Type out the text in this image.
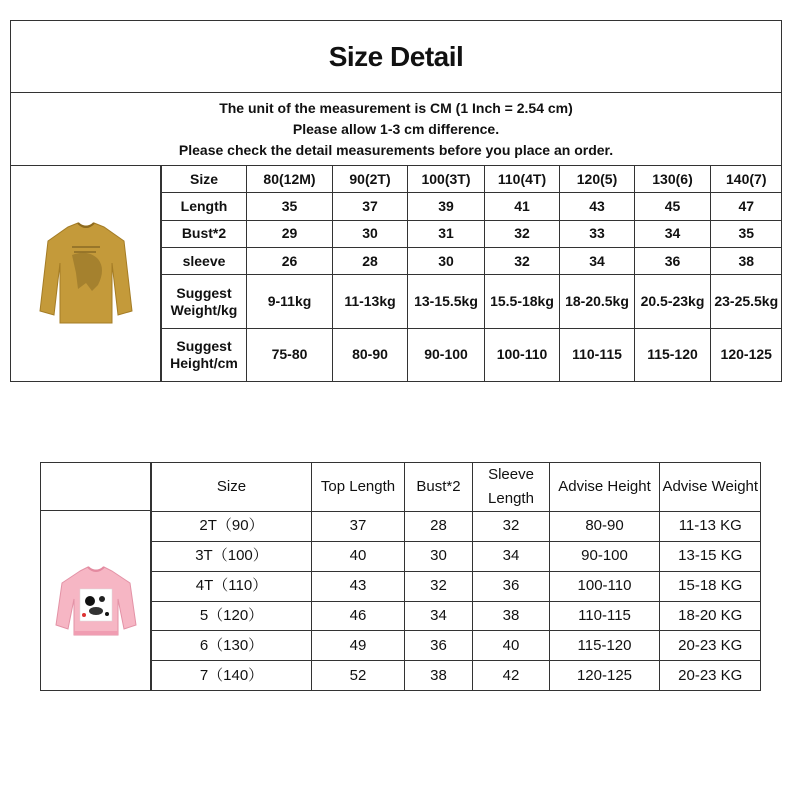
Size Detail
The unit of the measurement is CM (1 Inch = 2.54 cm)
Please allow 1-3 cm difference.
Please check the detail measurements before you place an order.
Size	80(12M)	90(2T)	100(3T)	110(4T)	120(5)	130(6)	140(7)
Length	35	37	39	41	43	45	47
Bust*2	29	30	31	32	33	34	35
sleeve	26	28	30	32	34	36	38
Suggest Weight/kg	9-11kg	11-13kg	13-15.5kg	15.5-18kg	18-20.5kg	20.5-23kg	23-25.5kg
Suggest Height/cm	75-80	80-90	90-100	100-110	110-115	115-120	120-125
Size	Top Length	Bust*2	Sleeve Length	Advise Height	Advise Weight
2T（90）	37	28	32	80-90	11-13 KG
3T（100）	40	30	34	90-100	13-15 KG
4T（110）	43	32	36	100-110	15-18 KG
5（120）	46	34	38	110-115	18-20 KG
6（130）	49	36	40	115-120	20-23 KG
7（140）	52	38	42	120-125	20-23 KG
